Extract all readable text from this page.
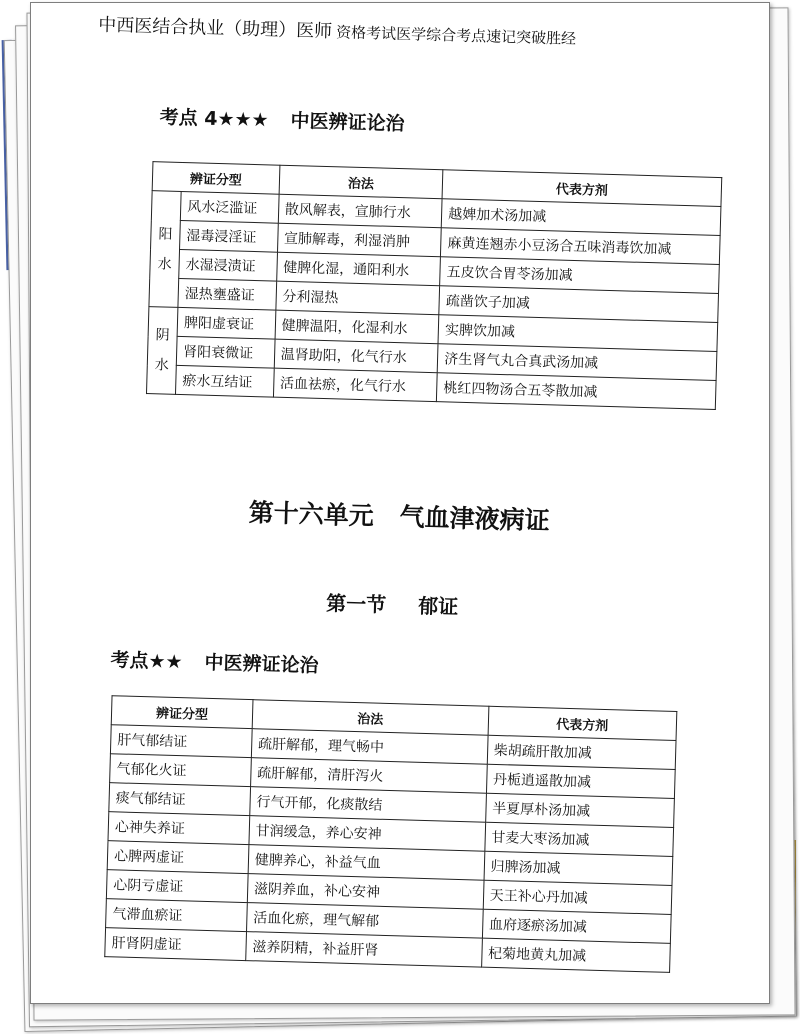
中西医结合执业（助理）医师 资格考试医学综合考点速记突破胜经
考点 4★★★ 中医辨证论治
辨证分型		治法	代表方剂
阳水	风水泛滥证	散风解表，宣肺行水	越婢加术汤加减
	湿毒浸淫证	宣肺解毒，利湿消肿	麻黄连翘赤小豆汤合五味消毒饮加减
	水湿浸渍证	健脾化湿，通阳利水	五皮饮合胃苓汤加减
	湿热壅盛证	分利湿热	疏凿饮子加减
阴水	脾阳虚衰证	健脾温阳，化湿利水	实脾饮加减
	肾阳衰微证	温肾助阳，化气行水	济生肾气丸合真武汤加减
	瘀水互结证	活血祛瘀，化气行水	桃红四物汤合五苓散加减
第十六单元 气血津液病证
第一节 郁证
考点★★ 中医辨证论治
辨证分型	治法	代表方剂
肝气郁结证	疏肝解郁，理气畅中	柴胡疏肝散加减
气郁化火证	疏肝解郁，清肝泻火	丹栀逍遥散加减
痰气郁结证	行气开郁，化痰散结	半夏厚朴汤加减
心神失养证	甘润缓急，养心安神	甘麦大枣汤加减
心脾两虚证	健脾养心，补益气血	归脾汤加减
心阴亏虚证	滋阴养血，补心安神	天王补心丹加减
气滞血瘀证	活血化瘀，理气解郁	血府逐瘀汤加减
肝肾阴虚证	滋养阴精，补益肝肾	杞菊地黄丸加减
